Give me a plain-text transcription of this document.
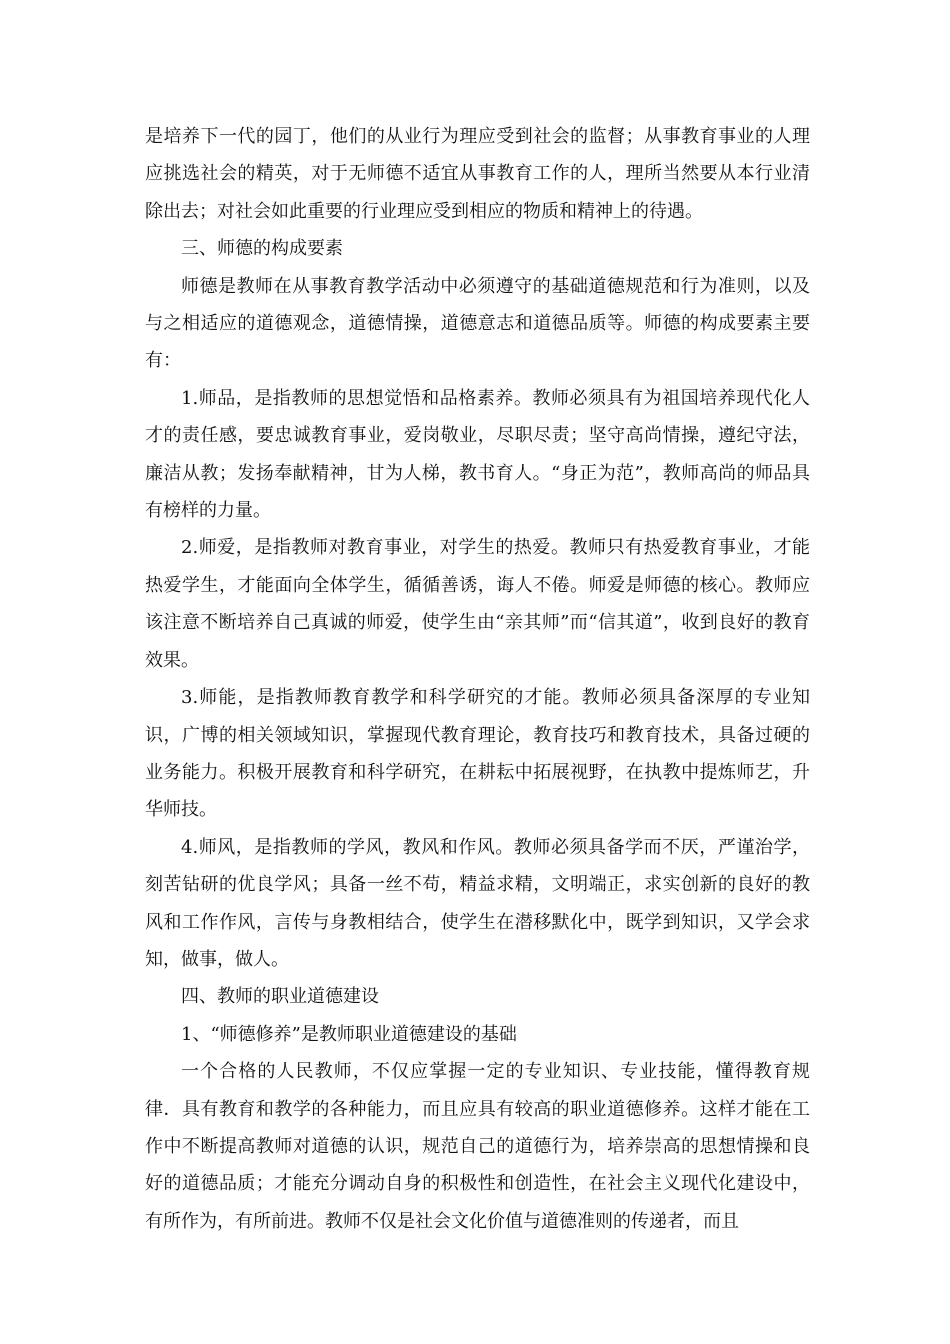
是培养下一代的园丁，他们的从业行为理应受到社会的监督；从事教育事业的人理应挑选社会的精英，对于无师德不适宜从事教育工作的人，理所当然要从本行业清除出去；对社会如此重要的行业理应受到相应的物质和精神上的待遇。

三、师德的构成要素

师德是教师在从事教育教学活动中必须遵守的基础道德规范和行为准则，以及与之相适应的道德观念，道德情操，道德意志和道德品质等。师德的构成要素主要有：

1.师品，是指教师的思想觉悟和品格素养。教师必须具有为祖国培养现代化人才的责任感，要忠诚教育事业，爱岗敬业，尽职尽责；坚守高尚情操，遵纪守法，廉洁从教；发扬奉献精神，甘为人梯，教书育人。“身正为范”，教师高尚的师品具有榜样的力量。

2.师爱，是指教师对教育事业，对学生的热爱。教师只有热爱教育事业，才能热爱学生，才能面向全体学生，循循善诱，诲人不倦。师爱是师德的核心。教师应该注意不断培养自己真诚的师爱，使学生由“亲其师”而“信其道”，收到良好的教育效果。

3.师能，是指教师教育教学和科学研究的才能。教师必须具备深厚的专业知识，广博的相关领域知识，掌握现代教育理论，教育技巧和教育技术，具备过硬的业务能力。积极开展教育和科学研究，在耕耘中拓展视野，在执教中提炼师艺，升华师技。

4.师风，是指教师的学风，教风和作风。教师必须具备学而不厌，严谨治学，刻苦钻研的优良学风；具备一丝不苟，精益求精，文明端正，求实创新的良好的教风和工作作风，言传与身教相结合，使学生在潜移默化中，既学到知识，又学会求知，做事，做人。

四、教师的职业道德建设

1、“师德修养”是教师职业道德建设的基础

一个合格的人民教师，不仅应掌握一定的专业知识、专业技能，懂得教育规律．具有教育和教学的各种能力，而且应具有较高的职业道德修养。这样才能在工作中不断提高教师对道德的认识，规范自己的道德行为，培养崇高的思想情操和良好的道德品质；才能充分调动自身的积极性和创造性，在社会主义现代化建设中，有所作为，有所前进。教师不仅是社会文化价值与道德准则的传递者，而且
